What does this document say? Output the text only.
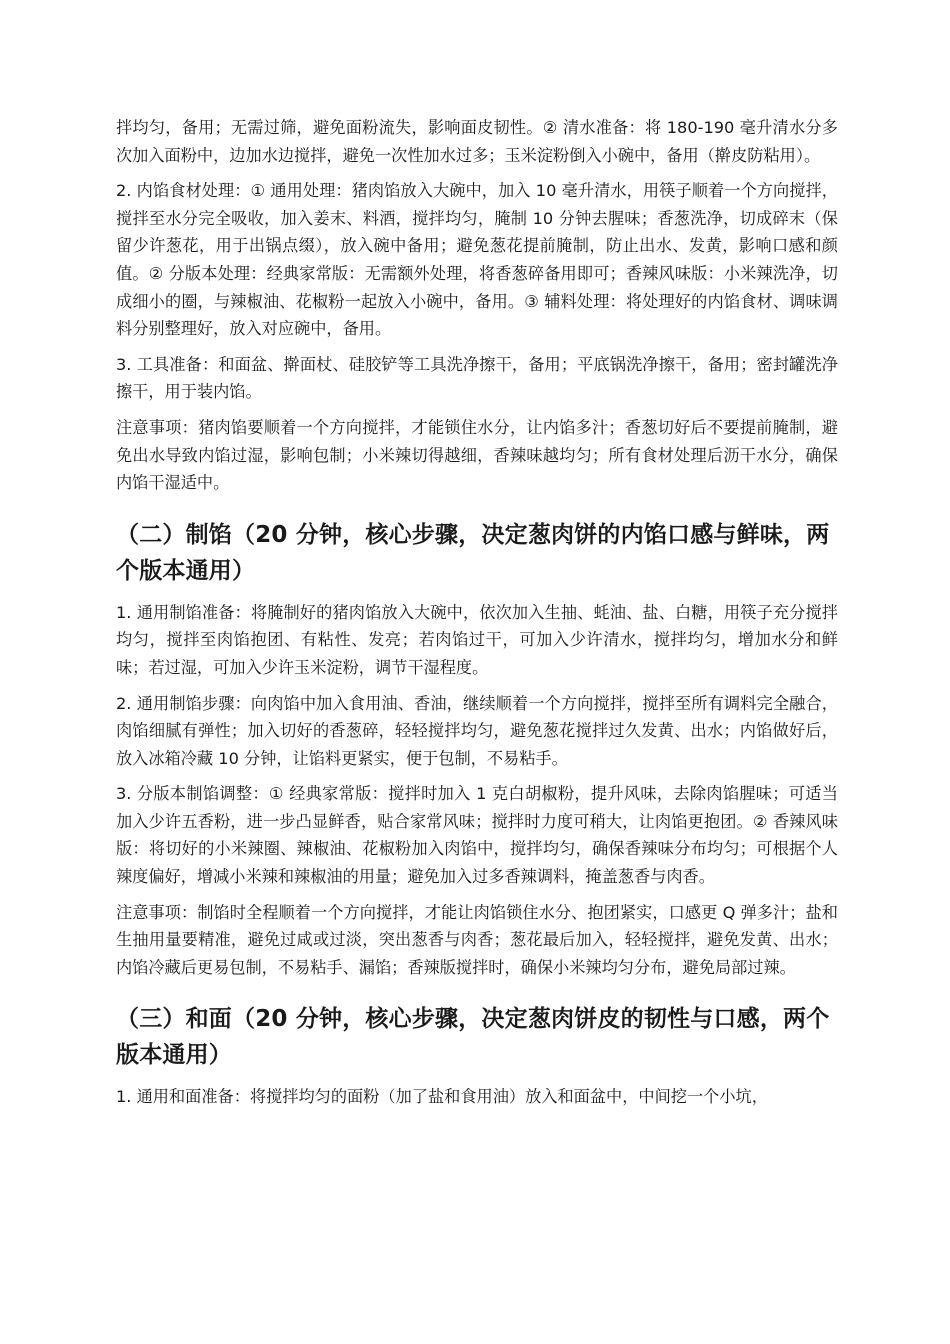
拌均匀，备用；无需过筛，避免面粉流失，影响面皮韧性。② 清水准备：将 180-190 毫升清水分多次加入面粉中，边加水边搅拌，避免一次性加水过多；玉米淀粉倒入小碗中，备用（擀皮防粘用）。

2. 内馅食材处理：① 通用处理：猪肉馅放入大碗中，加入 10 毫升清水，用筷子顺着一个方向搅拌，搅拌至水分完全吸收，加入姜末、料酒，搅拌均匀，腌制 10 分钟去腥味；香葱洗净，切成碎末（保留少许葱花，用于出锅点缀），放入碗中备用；避免葱花提前腌制，防止出水、发黄，影响口感和颜值。② 分版本处理：经典家常版：无需额外处理，将香葱碎备用即可；香辣风味版：小米辣洗净，切成细小的圈，与辣椒油、花椒粉一起放入小碗中，备用。③ 辅料处理：将处理好的内馅食材、调味调料分别整理好，放入对应碗中，备用。

3. 工具准备：和面盆、擀面杖、硅胶铲等工具洗净擦干，备用；平底锅洗净擦干，备用；密封罐洗净擦干，用于装内馅。

注意事项：猪肉馅要顺着一个方向搅拌，才能锁住水分，让内馅多汁；香葱切好后不要提前腌制，避免出水导致内馅过湿，影响包制；小米辣切得越细，香辣味越均匀；所有食材处理后沥干水分，确保内馅干湿适中。

（二）制馅（20 分钟，核心步骤，决定葱肉饼的内馅口感与鲜味，两个版本通用）

1. 通用制馅准备：将腌制好的猪肉馅放入大碗中，依次加入生抽、蚝油、盐、白糖，用筷子充分搅拌均匀，搅拌至肉馅抱团、有粘性、发亮；若肉馅过干，可加入少许清水，搅拌均匀，增加水分和鲜味；若过湿，可加入少许玉米淀粉，调节干湿程度。

2. 通用制馅步骤：向肉馅中加入食用油、香油，继续顺着一个方向搅拌，搅拌至所有调料完全融合，肉馅细腻有弹性；加入切好的香葱碎，轻轻搅拌均匀，避免葱花搅拌过久发黄、出水；内馅做好后，放入冰箱冷藏 10 分钟，让馅料更紧实，便于包制，不易粘手。

3. 分版本制馅调整：① 经典家常版：搅拌时加入 1 克白胡椒粉，提升风味，去除肉馅腥味；可适当加入少许五香粉，进一步凸显鲜香，贴合家常风味；搅拌时力度可稍大，让肉馅更抱团。② 香辣风味版：将切好的小米辣圈、辣椒油、花椒粉加入肉馅中，搅拌均匀，确保香辣味分布均匀；可根据个人辣度偏好，增减小米辣和辣椒油的用量；避免加入过多香辣调料，掩盖葱香与肉香。

注意事项：制馅时全程顺着一个方向搅拌，才能让肉馅锁住水分、抱团紧实，口感更 Q 弹多汁；盐和生抽用量要精准，避免过咸或过淡，突出葱香与肉香；葱花最后加入，轻轻搅拌，避免发黄、出水；内馅冷藏后更易包制，不易粘手、漏馅；香辣版搅拌时，确保小米辣均匀分布，避免局部过辣。

（三）和面（20 分钟，核心步骤，决定葱肉饼皮的韧性与口感，两个版本通用）

1. 通用和面准备：将搅拌均匀的面粉（加了盐和食用油）放入和面盆中，中间挖一个小坑，
